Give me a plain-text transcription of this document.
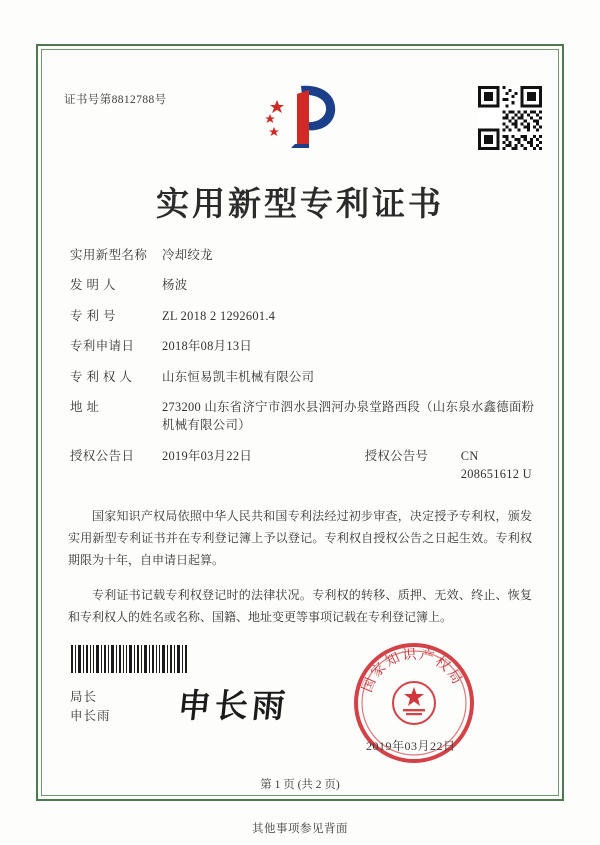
证书号第8812788号
实用新型专利证书
实用新型名称	冷却绞龙
发 明 人	杨波
专 利 号	ZL 2018 2 1292601.4
专利申请日	2018年08月13日
专 利 权 人	山东恒易凯丰机械有限公司
地 址	273200 山东省济宁市泗水县泗河办泉堂路西段（山东泉水鑫德面粉机械有限公司）
授权公告日	2019年03月22日	授权公告号	CN 208651612 U

国家知识产权局依照中华人民共和国专利法经过初步审查，决定授予专利权，颁发实用新型专利证书并在专利登记簿上予以登记。专利权自授权公告之日起生效。专利权期限为十年，自申请日起算。

专利证书记载专利权登记时的法律状况。专利权的转移、质押、无效、终止、恢复和专利权人的姓名或名称、国籍、地址变更等事项记载在专利登记簿上。

局长
申长雨 申长雨
国家知识产权局
2019年03月22日
第 1 页 (共 2 页)
其他事项参见背面
